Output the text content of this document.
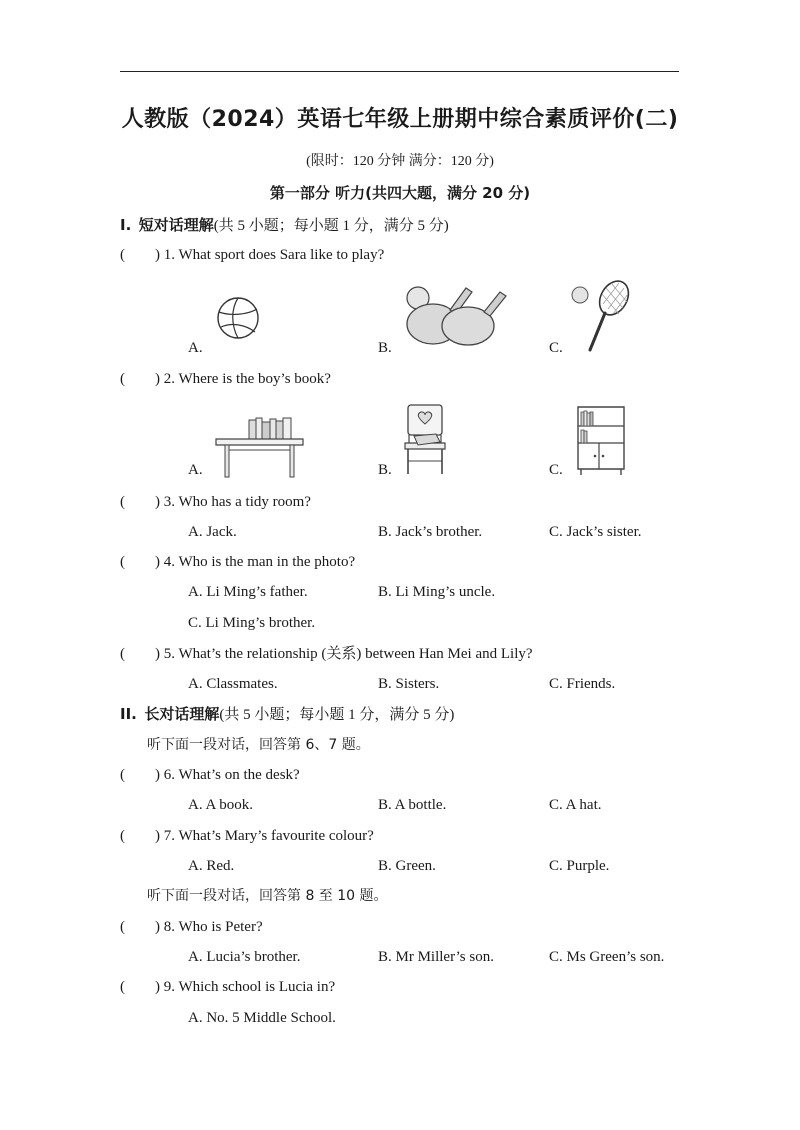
人教版（2024）英语七年级上册期中综合素质评价(二)
(限时：120 分钟 满分：120 分)
第一部分 听力(共四大题，满分 20 分)
I. 短对话理解(共 5 小题；每小题 1 分，满分 5 分)
( ) 1. What sport does Sara like to play?
A.	B.	C.
( ) 2. Where is the boy’s book?
A.	B.	C.
( ) 3. Who has a tidy room?
A. Jack.	B. Jack’s brother.	C. Jack’s sister.
( ) 4. Who is the man in the photo?
A. Li Ming’s father.	B. Li Ming’s uncle.
C. Li Ming’s brother.
( ) 5. What’s the relationship (关系) between Han Mei and Lily?
A. Classmates.	B. Sisters.	C. Friends.
II. 长对话理解(共 5 小题；每小题 1 分，满分 5 分)
听下面一段对话，回答第 6、7 题。
( ) 6. What’s on the desk?
A. A book.	B. A bottle.	C. A hat.
( ) 7. What’s Mary’s favourite colour?
A. Red.	B. Green.	C. Purple.
听下面一段对话，回答第 8 至 10 题。
( ) 8. Who is Peter?
A. Lucia’s brother.	B. Mr Miller’s son.	C. Ms Green’s son.
( ) 9. Which school is Lucia in?
A. No. 5 Middle School.
